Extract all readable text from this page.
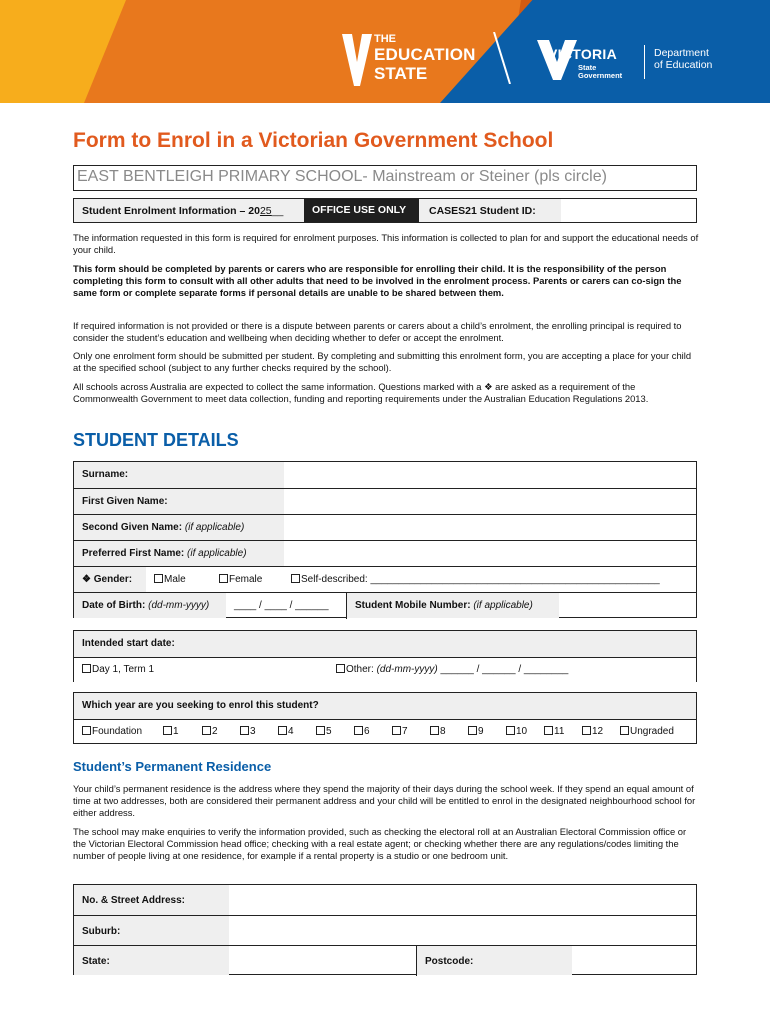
THE
EDUCATION
STATE
VICTORIA
State
Government
Department
of Education
Form to Enrol in a Victorian Government School
EAST BENTLEIGH PRIMARY SCHOOL- Mainstream or Steiner (pls circle)
Student Enrolment Information – 2025__	OFFICE USE ONLY	CASES21 Student ID:
The information requested in this form is required for enrolment purposes. This information is collected to plan for and support the educational needs of your child.
This form should be completed by parents or carers who are responsible for enrolling their child. It is the responsibility of the person completing this form to consult with all other adults that need to be involved in the enrolment process. Parents or carers can co-sign the same form or complete separate forms if personal details are unable to be shared between them.
If required information is not provided or there is a dispute between parents or carers about a child’s enrolment, the enrolling principal is required to consider the student’s education and wellbeing when deciding whether to defer or accept the enrolment.
Only one enrolment form should be submitted per student. By completing and submitting this enrolment form, you are accepting a place for your child at the specified school (subject to any further checks required by the school).
All schools across Australia are expected to collect the same information. Questions marked with a ❖ are asked as a requirement of the Commonwealth Government to meet data collection, funding and reporting requirements under the Australian Education Regulations 2013.
STUDENT DETAILS
Surname:
First Given Name:
Second Given Name: (if applicable)
Preferred First Name: (if applicable)
❖ Gender:	Male	Female	Self-described: ____________________________________________________
Date of Birth: (dd-mm-yyyy)	____ / ____ / ______	Student Mobile Number: (if applicable)
Intended start date:
Day 1, Term 1	Other: (dd-mm-yyyy) ______ / ______ / ________
Which year are you seeking to enrol this student?
Foundation	1	2	3	4	5	6	7	8	9	10	11	12	Ungraded
Student’s Permanent Residence
Your child’s permanent residence is the address where they spend the majority of their days during the school week. If they spend an equal amount of time at two addresses, both are considered their permanent address and your child will be entitled to enrol in the designated neighbourhood school for either address.
The school may make enquiries to verify the information provided, such as checking the electoral roll at an Australian Electoral Commission office or the Victorian Electoral Commission head office; checking with a real estate agent; or checking whether there are any regulations/codes limiting the number of people living at one residence, for example if a rental property is a studio or one bedroom unit.
No. & Street Address:
Suburb:
State:	Postcode:
